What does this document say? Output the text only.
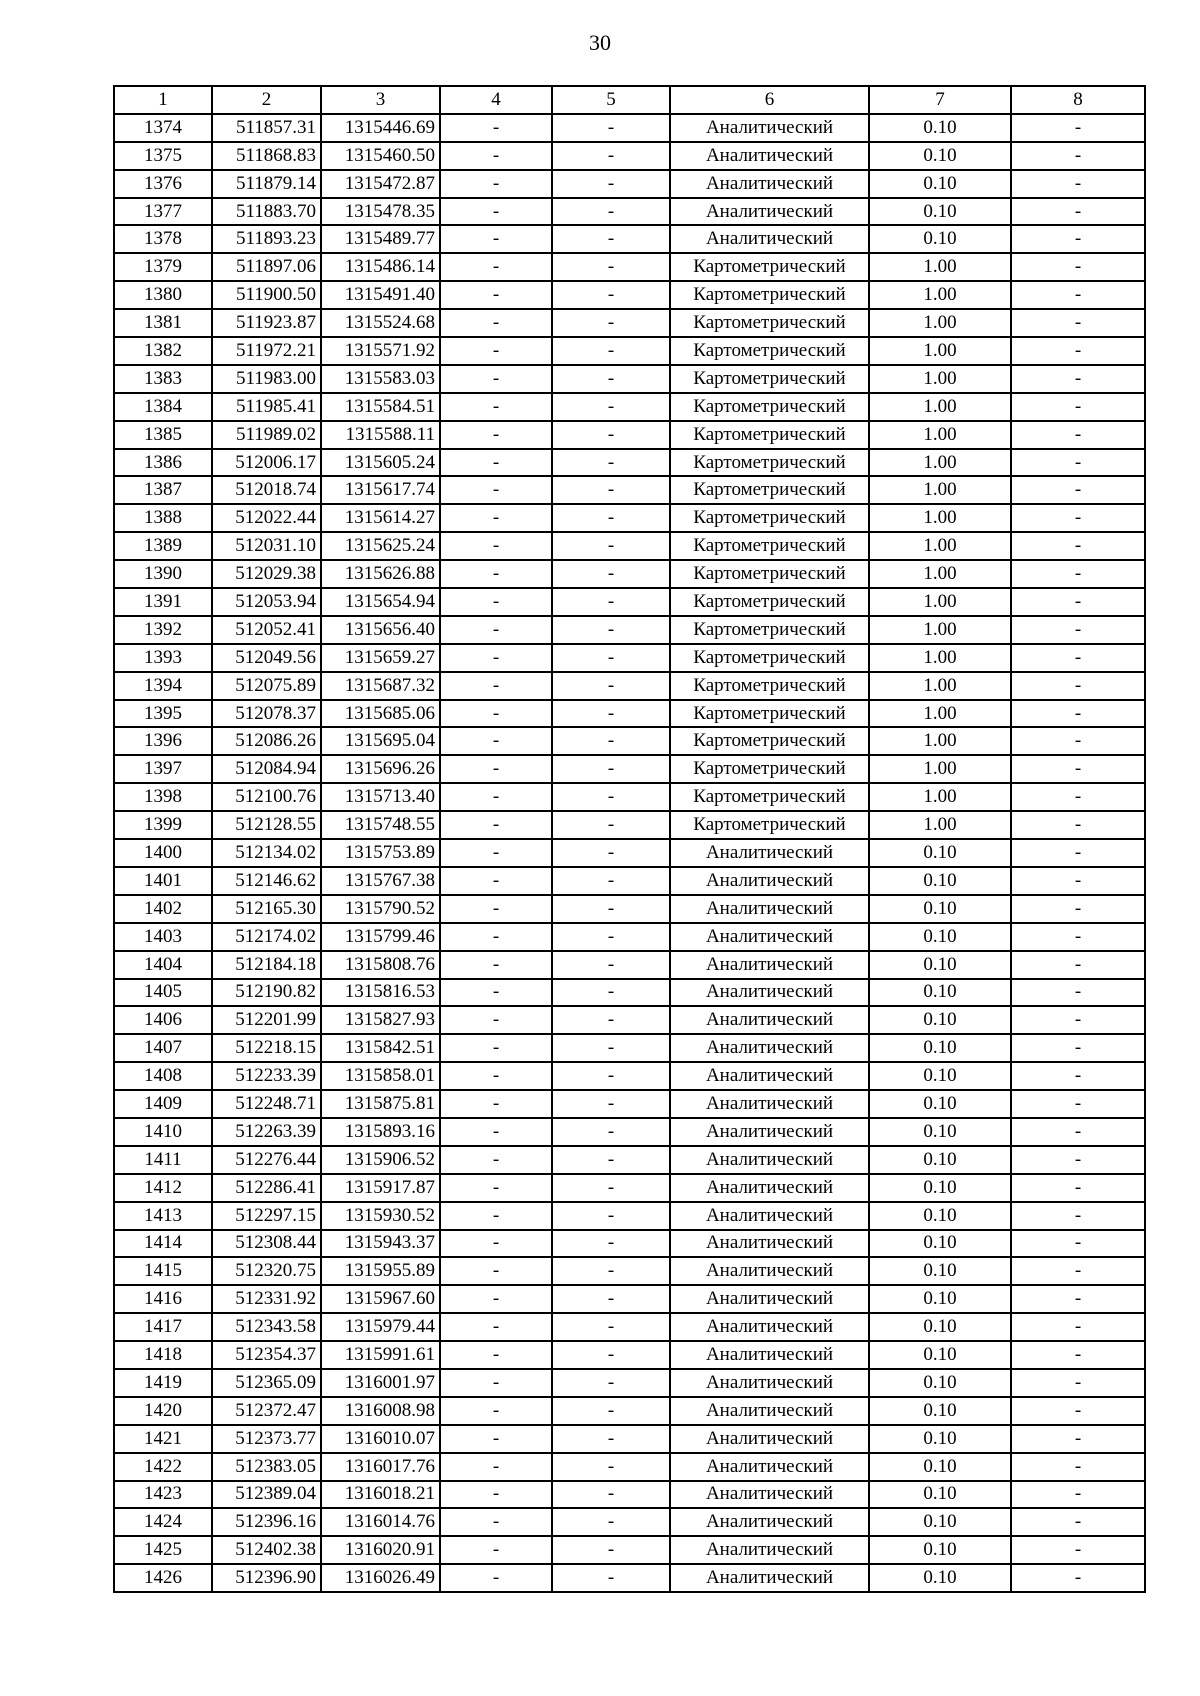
30
1	2	3	4	5	6	7	8
1374	511857.31	1315446.69	-	-	Аналитический	0.10	-
1375	511868.83	1315460.50	-	-	Аналитический	0.10	-
1376	511879.14	1315472.87	-	-	Аналитический	0.10	-
1377	511883.70	1315478.35	-	-	Аналитический	0.10	-
1378	511893.23	1315489.77	-	-	Аналитический	0.10	-
1379	511897.06	1315486.14	-	-	Картометрический	1.00	-
1380	511900.50	1315491.40	-	-	Картометрический	1.00	-
1381	511923.87	1315524.68	-	-	Картометрический	1.00	-
1382	511972.21	1315571.92	-	-	Картометрический	1.00	-
1383	511983.00	1315583.03	-	-	Картометрический	1.00	-
1384	511985.41	1315584.51	-	-	Картометрический	1.00	-
1385	511989.02	1315588.11	-	-	Картометрический	1.00	-
1386	512006.17	1315605.24	-	-	Картометрический	1.00	-
1387	512018.74	1315617.74	-	-	Картометрический	1.00	-
1388	512022.44	1315614.27	-	-	Картометрический	1.00	-
1389	512031.10	1315625.24	-	-	Картометрический	1.00	-
1390	512029.38	1315626.88	-	-	Картометрический	1.00	-
1391	512053.94	1315654.94	-	-	Картометрический	1.00	-
1392	512052.41	1315656.40	-	-	Картометрический	1.00	-
1393	512049.56	1315659.27	-	-	Картометрический	1.00	-
1394	512075.89	1315687.32	-	-	Картометрический	1.00	-
1395	512078.37	1315685.06	-	-	Картометрический	1.00	-
1396	512086.26	1315695.04	-	-	Картометрический	1.00	-
1397	512084.94	1315696.26	-	-	Картометрический	1.00	-
1398	512100.76	1315713.40	-	-	Картометрический	1.00	-
1399	512128.55	1315748.55	-	-	Картометрический	1.00	-
1400	512134.02	1315753.89	-	-	Аналитический	0.10	-
1401	512146.62	1315767.38	-	-	Аналитический	0.10	-
1402	512165.30	1315790.52	-	-	Аналитический	0.10	-
1403	512174.02	1315799.46	-	-	Аналитический	0.10	-
1404	512184.18	1315808.76	-	-	Аналитический	0.10	-
1405	512190.82	1315816.53	-	-	Аналитический	0.10	-
1406	512201.99	1315827.93	-	-	Аналитический	0.10	-
1407	512218.15	1315842.51	-	-	Аналитический	0.10	-
1408	512233.39	1315858.01	-	-	Аналитический	0.10	-
1409	512248.71	1315875.81	-	-	Аналитический	0.10	-
1410	512263.39	1315893.16	-	-	Аналитический	0.10	-
1411	512276.44	1315906.52	-	-	Аналитический	0.10	-
1412	512286.41	1315917.87	-	-	Аналитический	0.10	-
1413	512297.15	1315930.52	-	-	Аналитический	0.10	-
1414	512308.44	1315943.37	-	-	Аналитический	0.10	-
1415	512320.75	1315955.89	-	-	Аналитический	0.10	-
1416	512331.92	1315967.60	-	-	Аналитический	0.10	-
1417	512343.58	1315979.44	-	-	Аналитический	0.10	-
1418	512354.37	1315991.61	-	-	Аналитический	0.10	-
1419	512365.09	1316001.97	-	-	Аналитический	0.10	-
1420	512372.47	1316008.98	-	-	Аналитический	0.10	-
1421	512373.77	1316010.07	-	-	Аналитический	0.10	-
1422	512383.05	1316017.76	-	-	Аналитический	0.10	-
1423	512389.04	1316018.21	-	-	Аналитический	0.10	-
1424	512396.16	1316014.76	-	-	Аналитический	0.10	-
1425	512402.38	1316020.91	-	-	Аналитический	0.10	-
1426	512396.90	1316026.49	-	-	Аналитический	0.10	-
